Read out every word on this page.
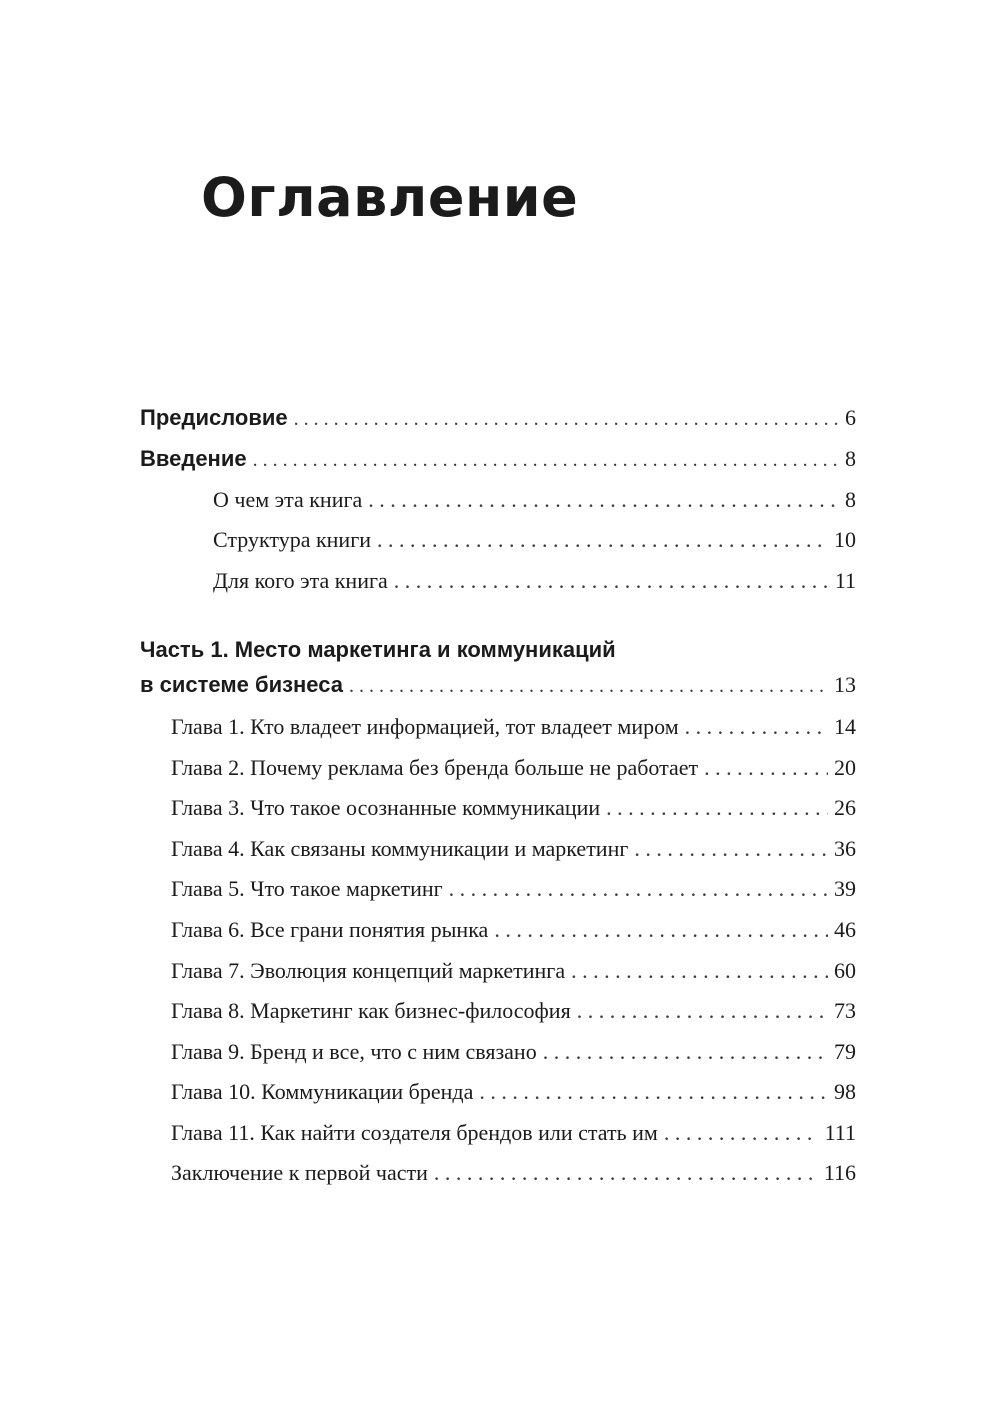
Оглавление
Предисловие . . .	6
Введение . . .	8
О чем эта книга . . .	8
Структура книги . . .	10
Для кого эта книга . . .	11
Часть 1. Место маркетинга и коммуникаций
в системе бизнеса . . .	13
Глава 1. Кто владеет информацией, тот владеет миром . . .	14
Глава 2. Почему реклама без бренда больше не работает . . .	20
Глава 3. Что такое осознанные коммуникации . . .	26
Глава 4. Как связаны коммуникации и маркетинг . . .	36
Глава 5. Что такое маркетинг . . .	39
Глава 6. Все грани понятия рынка . . .	46
Глава 7. Эволюция концепций маркетинга . . .	60
Глава 8. Маркетинг как бизнес-философия . . .	73
Глава 9. Бренд и все, что с ним связано . . .	79
Глава 10. Коммуникации бренда . . .	98
Глава 11. Как найти создателя брендов или стать им . . .	111
Заключение к первой части . . .	116
